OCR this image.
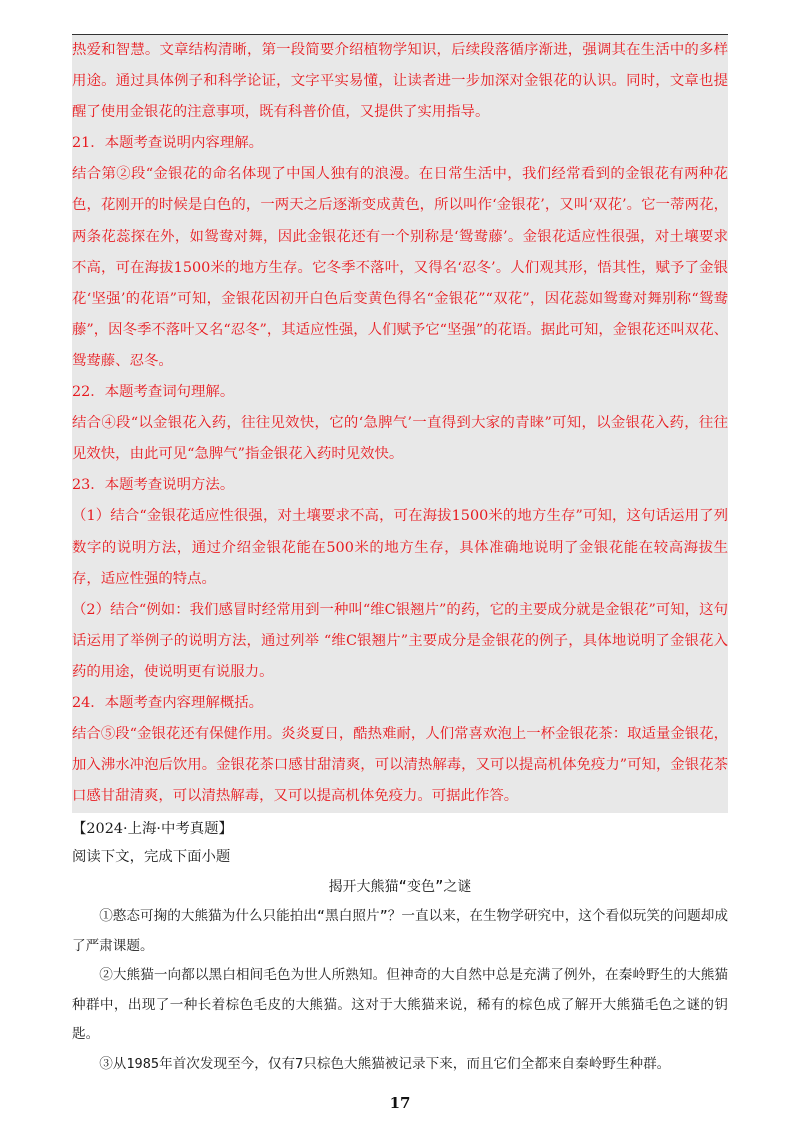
热爱和智慧。文章结构清晰，第一段简要介绍植物学知识，后续段落循序渐进，强调其在生活中的多样用途。通过具体例子和科学论证，文字平实易懂，让读者进一步加深对金银花的认识。同时，文章也提醒了使用金银花的注意事项，既有科普价值，又提供了实用指导。

21．本题考查说明内容理解。

结合第②段“金银花的命名体现了中国人独有的浪漫。在日常生活中，我们经常看到的金银花有两种花色，花刚开的时候是白色的，一两天之后逐渐变成黄色，所以叫作‘金银花’，又叫‘双花’。它一蒂两花，两条花蕊探在外，如鸳鸯对舞，因此金银花还有一个别称是‘鸳鸯藤’。金银花适应性很强，对土壤要求不高，可在海拔1500米的地方生存。它冬季不落叶，又得名‘忍冬’。人们观其形，悟其性，赋予了金银花‘坚强’的花语”可知，金银花因初开白色后变黄色得名“金银花”“双花”，因花蕊如鸳鸯对舞别称“鸳鸯藤”，因冬季不落叶又名“忍冬”，其适应性强，人们赋予它“坚强”的花语。据此可知，金银花还叫双花、鸳鸯藤、忍冬。

22．本题考查词句理解。

结合④段“以金银花入药，往往见效快，它的‘急脾气’一直得到大家的青睐”可知，以金银花入药，往往见效快，由此可见“急脾气”指金银花入药时见效快。

23．本题考查说明方法。

（1）结合“金银花适应性很强，对土壤要求不高，可在海拔1500米的地方生存”可知，这句话运用了列数字的说明方法，通过介绍金银花能在500米的地方生存，具体准确地说明了金银花能在较高海拔生存，适应性强的特点。

（2）结合“例如：我们感冒时经常用到一种叫“维C银翘片”的药，它的主要成分就是金银花”可知，这句话运用了举例子的说明方法，通过列举 “维C银翘片”主要成分是金银花的例子，具体地说明了金银花入药的用途，使说明更有说服力。

24．本题考查内容理解概括。

结合⑤段“金银花还有保健作用。炎炎夏日，酷热难耐，人们常喜欢泡上一杯金银花茶：取适量金银花，加入沸水冲泡后饮用。金银花茶口感甘甜清爽，可以清热解毒，又可以提高机体免疫力”可知，金银花茶口感甘甜清爽，可以清热解毒，又可以提高机体免疫力。可据此作答。

【2024·上海·中考真题】
阅读下文，完成下面小题
揭开大熊猫“变色”之谜

①憨态可掬的大熊猫为什么只能拍出“黑白照片”？一直以来，在生物学研究中，这个看似玩笑的问题却成了严肃课题。

②大熊猫一向都以黑白相间毛色为世人所熟知。但神奇的大自然中总是充满了例外，在秦岭野生的大熊猫种群中，出现了一种长着棕色毛皮的大熊猫。这对于大熊猫来说，稀有的棕色成了解开大熊猫毛色之谜的钥匙。

③从1985年首次发现至今，仅有7只棕色大熊猫被记录下来，而且它们全都来自秦岭野生种群。

17
